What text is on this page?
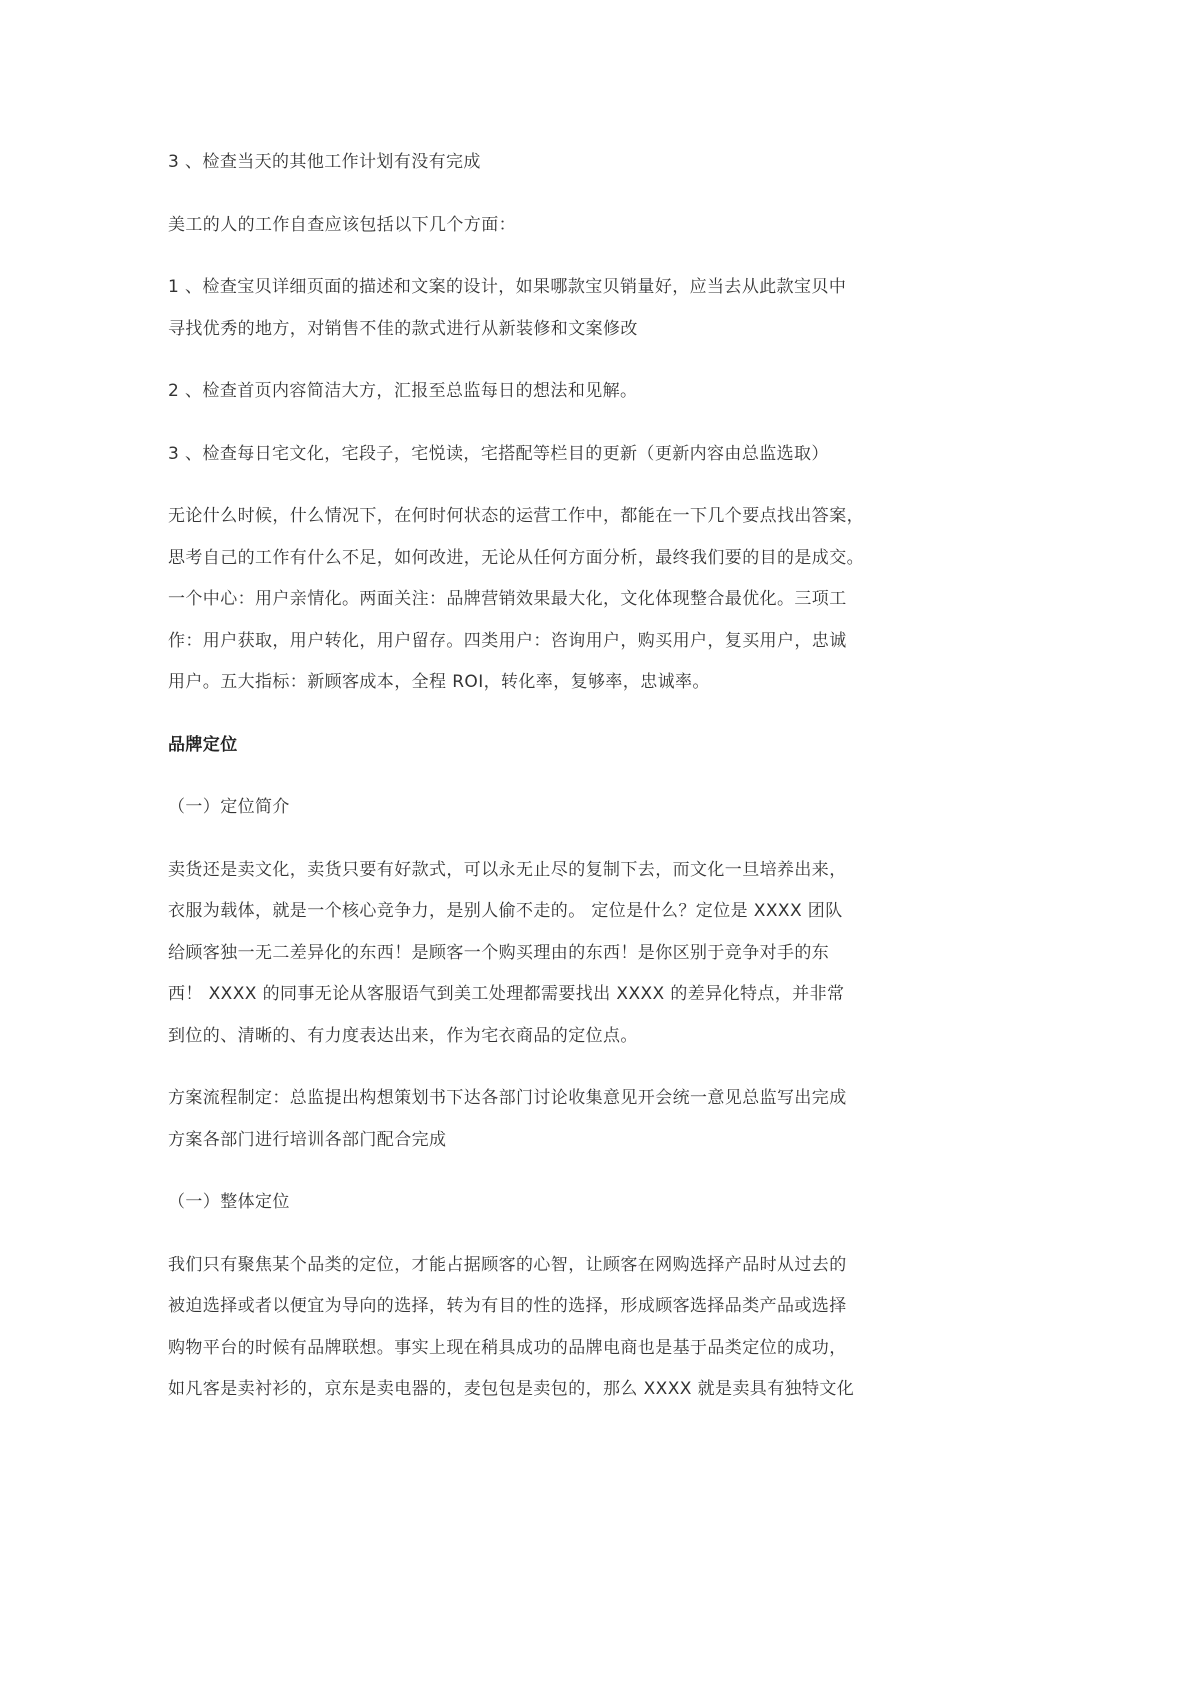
3 、检查当天的其他工作计划有没有完成
美工的人的工作自查应该包括以下几个方面：
1 、检查宝贝详细页面的描述和文案的设计，如果哪款宝贝销量好，应当去从此款宝贝中
寻找优秀的地方，对销售不佳的款式进行从新装修和文案修改
2 、检查首页内容简洁大方，汇报至总监每日的想法和见解。
3 、检查每日宅文化，宅段子，宅悦读，宅搭配等栏目的更新（更新内容由总监选取）
无论什么时候，什么情况下，在何时何状态的运营工作中，都能在一下几个要点找出答案，
思考自己的工作有什么不足，如何改进，无论从任何方面分析，最终我们要的目的是成交。
一个中心：用户亲情化。两面关注：品牌营销效果最大化，文化体现整合最优化。三项工
作：用户获取，用户转化，用户留存。四类用户：咨询用户，购买用户，复买用户，忠诚
用户。五大指标：新顾客成本，全程 ROI，转化率，复够率，忠诚率。
品牌定位
（一）定位简介
卖货还是卖文化，卖货只要有好款式，可以永无止尽的复制下去，而文化一旦培养出来，
衣服为载体，就是一个核心竞争力，是别人偷不走的。 定位是什么？定位是 XXXX 团队
给顾客独一无二差异化的东西！是顾客一个购买理由的东西！是你区别于竞争对手的东
西！ XXXX 的同事无论从客服语气到美工处理都需要找出 XXXX 的差异化特点，并非常
到位的、清晰的、有力度表达出来，作为宅衣商品的定位点。
方案流程制定：总监提出构想策划书下达各部门讨论收集意见开会统一意见总监写出完成
方案各部门进行培训各部门配合完成
（一）整体定位
我们只有聚焦某个品类的定位，才能占据顾客的心智，让顾客在网购选择产品时从过去的
被迫选择或者以便宜为导向的选择，转为有目的性的选择，形成顾客选择品类产品或选择
购物平台的时候有品牌联想。事实上现在稍具成功的品牌电商也是基于品类定位的成功，
如凡客是卖衬衫的，京东是卖电器的，麦包包是卖包的，那么 XXXX 就是卖具有独特文化
